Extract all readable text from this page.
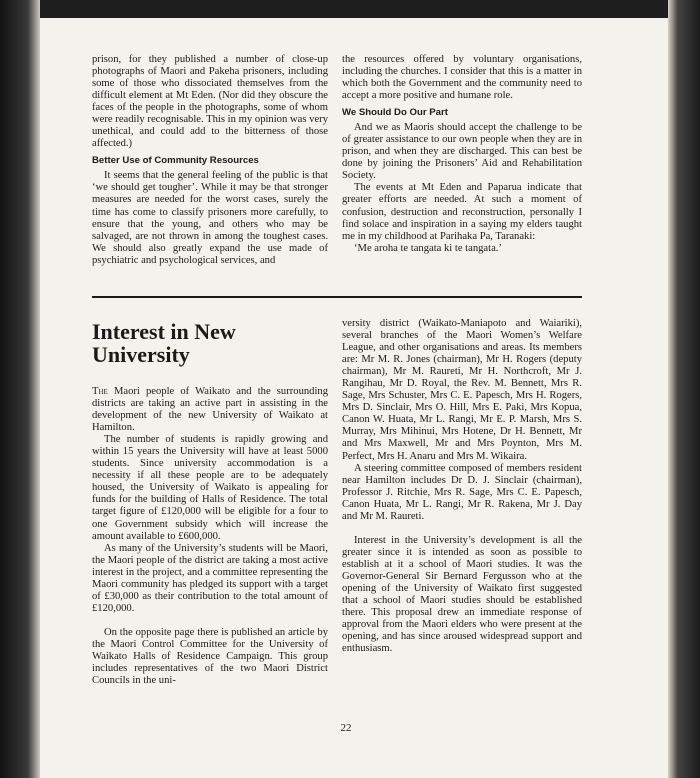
prison, for they published a number of close-up photographs of Maori and Pakeha prisoners, including some of those who dissociated themselves from the difficult element at Mt Eden. (Nor did they obscure the faces of the people in the photographs, some of whom were readily recognisable. This in my opinion was very unethical, and could add to the bitterness of those affected.)

Better Use of Community Resources

It seems that the general feeling of the public is that ‘we should get tougher’. While it may be that stronger measures are needed for the worst cases, surely the time has come to classify prisoners more carefully, to ensure that the young, and others who may be salvaged, are not thrown in among the toughest cases. We should also greatly expand the use made of psychiatric and psychological services, and

the resources offered by voluntary organisations, including the churches. I consider that this is a matter in which both the Government and the community need to accept a more positive and humane role.

We Should Do Our Part

And we as Maoris should accept the challenge to be of greater assistance to our own people when they are in prison, and when they are discharged. This can best be done by joining the Prisoners’ Aid and Rehabilitation Society.

The events at Mt Eden and Paparua indicate that greater efforts are needed. At such a moment of confusion, destruction and reconstruction, personally I find solace and inspiration in a saying my elders taught me in my childhood at Parihaka Pa, Taranaki:

‘Me aroha te tangata ki te tangata.’

Interest in New University

The Maori people of Waikato and the surrounding districts are taking an active part in assisting in the development of the new University of Waikato at Hamilton.

The number of students is rapidly growing and within 15 years the University will have at least 5000 students. Since university accommodation is a necessity if all these people are to be adequately housed, the University of Waikato is appealing for funds for the building of Halls of Residence. The total target figure of £120,000 will be eligible for a four to one Government subsidy which will increase the amount available to £600,000.

As many of the University’s students will be Maori, the Maori people of the district are taking a most active interest in the project, and a committee representing the Maori community has pledged its support with a target of £30,000 as their contribution to the total amount of £120,000.

On the opposite page there is published an article by the Maori Control Committee for the University of Waikato Halls of Residence Campaign. This group includes representatives of the two Maori District Councils in the uni-

versity district (Waikato-Maniapoto and Waiariki), several branches of the Maori Women’s Welfare League, and other organisations and areas. Its members are: Mr M. R. Jones (chairman), Mr H. Rogers (deputy chairman), Mr M. Raureti, Mr H. Northcroft, Mr J. Rangihau, Mr D. Royal, the Rev. M. Bennett, Mrs R. Sage, Mrs Schuster, Mrs C. E. Papesch, Mrs H. Rogers, Mrs D. Sinclair, Mrs O. Hill, Mrs E. Paki, Mrs Kopua, Canon W. Huata, Mr L. Rangi, Mr E. P. Marsh, Mrs S. Murray, Mrs Mihinui, Mrs Hotene, Dr H. Bennett, Mr and Mrs Maxwell, Mr and Mrs Poynton, Mrs M. Perfect, Mrs H. Anaru and Mrs M. Wikaira.

A steering committee composed of members resident near Hamilton includes Dr D. J. Sinclair (chairman), Professor J. Ritchie, Mrs R. Sage, Mrs C. E. Papesch, Canon Huata, Mr L. Rangi, Mr R. Rakena, Mr J. Day and Mr M. Raureti.

Interest in the University’s development is all the greater since it is intended as soon as possible to establish at it a school of Maori studies. It was the Governor-General Sir Bernard Fergusson who at the opening of the University of Waikato first suggested that a school of Maori studies should be established there. This proposal drew an immediate response of approval from the Maori elders who were present at the opening, and has since aroused widespread support and enthusiasm.

22
